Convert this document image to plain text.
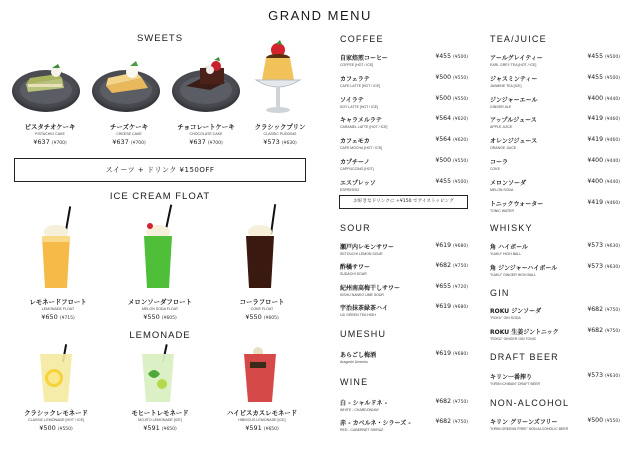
GRAND MENU
SWEETS
ピスタチオケーキ
PISTACHIO CAKE
¥637 (¥700)
チーズケーキ
CHEESE CAKE
¥637 (¥700)
チョコレートケーキ
CHOCOLATE CAKE
¥637 (¥700)
クラシックプリン
CLASSIC PUDDING
¥573 (¥630)
スイーツ + ドリンク ¥150OFF
ICE CREAM FLOAT
レモネードフロート
LEMONADE FLOAT
¥650 (¥715)
メロンソーダフロート
MELON SODA FLOAT
¥550 (¥605)
コーラフロート
COKE FLOAT
¥550 (¥605)
LEMONADE
クラシックレモネード
CLASSIC LEMONADE [HOT / ICE]
¥500 (¥550)
モヒートレモネード
MOJITO LEMONADE [ICE]
¥591 (¥650)
ハイビスカスレモネード
HIBISCUS LEMONADE [ICE]
¥591 (¥650)
COFFEE
自家焙煎コーヒー
COFFEE [HOT / ICE]
¥455 (¥500)
カフェラテ
CAFE LATTE [HOT / ICE]
¥500 (¥550)
ソイラテ
SOY LATTE [HOT / ICE]
¥500 (¥550)
キャラメルラテ
CARAMEL LATTE [HOT / ICE]
¥564 (¥620)
カフェモカ
CAFE MOCHA [HOT / ICE]
¥564 (¥620)
カプチーノ
CAPPUCCINO [HOT]
¥500 (¥550)
エスプレッソ
ESPRESSO
¥455 (¥500)
お好きなドリンクに +¥150 でアイストッピング
SOUR
瀬戸内レモンサワー
SETOUCHI LEMON SOUR
¥619 (¥680)
酢橘サワー
SUDACHI SOUR
¥682 (¥750)
紀州南高梅干しサワー
KISHU NANKO UME SOUR
¥655 (¥720)
宇治抹茶緑茶ハイ
UJI GREEN TEA HIGH
¥619 (¥680)
UMESHU
あらごし梅酒
Aragoshi Umeshu
¥619 (¥680)
WINE
白 - シャルドネ -
WHITE - CHARDONNAY
¥682 (¥750)
赤 - カベルネ・シラーズ -
RED - CABERNET SHIRAZ
¥682 (¥750)
TEA/JUICE
アールグレイティー
EARL GREY TEA [HOT / ICE]
¥455 (¥500)
ジャスミンティー
JASMINE TEA [ICE]
¥455 (¥500)
ジンジャーエール
GINGER ALE
¥400 (¥440)
アップルジュース
APPLE JUICE
¥419 (¥460)
オレンジジュース
ORANGE JUICE
¥419 (¥460)
コーラ
COKE
¥400 (¥440)
メロンソーダ
MELON SODA
¥400 (¥440)
トニックウォーター
TONIC WATER
¥419 (¥460)
WHISKY
角 ハイボール
"KAKU" HIGH BALL
¥573 (¥630)
角 ジンジャーハイボール
"KAKU" GINGER HIGH BALL
¥573 (¥630)
GIN
ROKU ジンソーダ
"ROKU" GIN SODA
¥682 (¥750)
ROKU 生姜ジントニック
"ROKU" GINGER GIN TONIC
¥682 (¥750)
DRAFT BEER
キリン一番搾り
"KIRIN ICHIBAN" DRAFT BEER
¥573 (¥630)
NON-ALCOHOL
キリン グリーンズフリー
"KIRIN GREENS FREE" NON ALCOHOLIC BEER
¥500 (¥550)
